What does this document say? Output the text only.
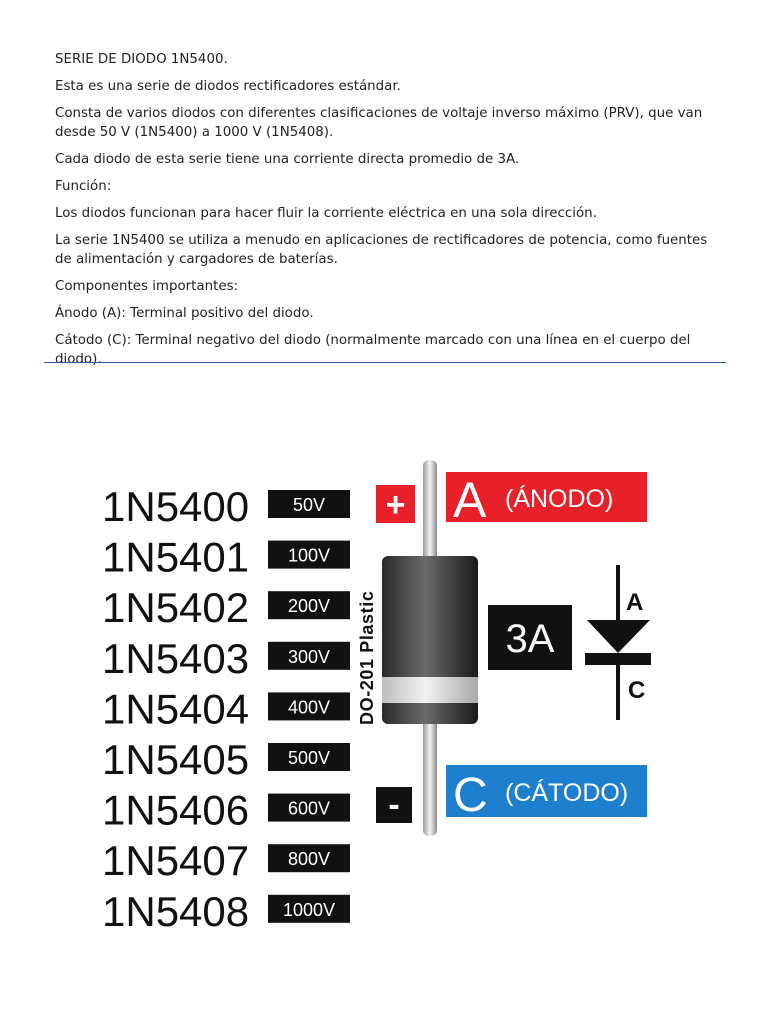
SERIE DE DIODO 1N5400.

Esta es una serie de diodos rectificadores estándar.

Consta de varios diodos con diferentes clasificaciones de voltaje inverso máximo (PRV), que van desde 50 V (1N5400) a 1000 V (1N5408).

Cada diodo de esta serie tiene una corriente directa promedio de 3A.

Función:

Los diodos funcionan para hacer fluir la corriente eléctrica en una sola dirección.

La serie 1N5400 se utiliza a menudo en aplicaciones de rectificadores de potencia, como fuentes de alimentación y cargadores de baterías.

Componentes importantes:

Ánodo (A): Terminal positivo del diodo.

Cátodo (C): Terminal negativo del diodo (normalmente marcado con una línea en el cuerpo del diodo).

1N5400 50V
1N5401 100V
1N5402 200V
1N5403 300V
1N5404 400V
1N5405 500V
1N5406 600V
1N5407 800V
1N5408 1000V
DO-201 Plastic
+
-
A (ÁNODO)
C (CÁTODO)
3A
A
C
